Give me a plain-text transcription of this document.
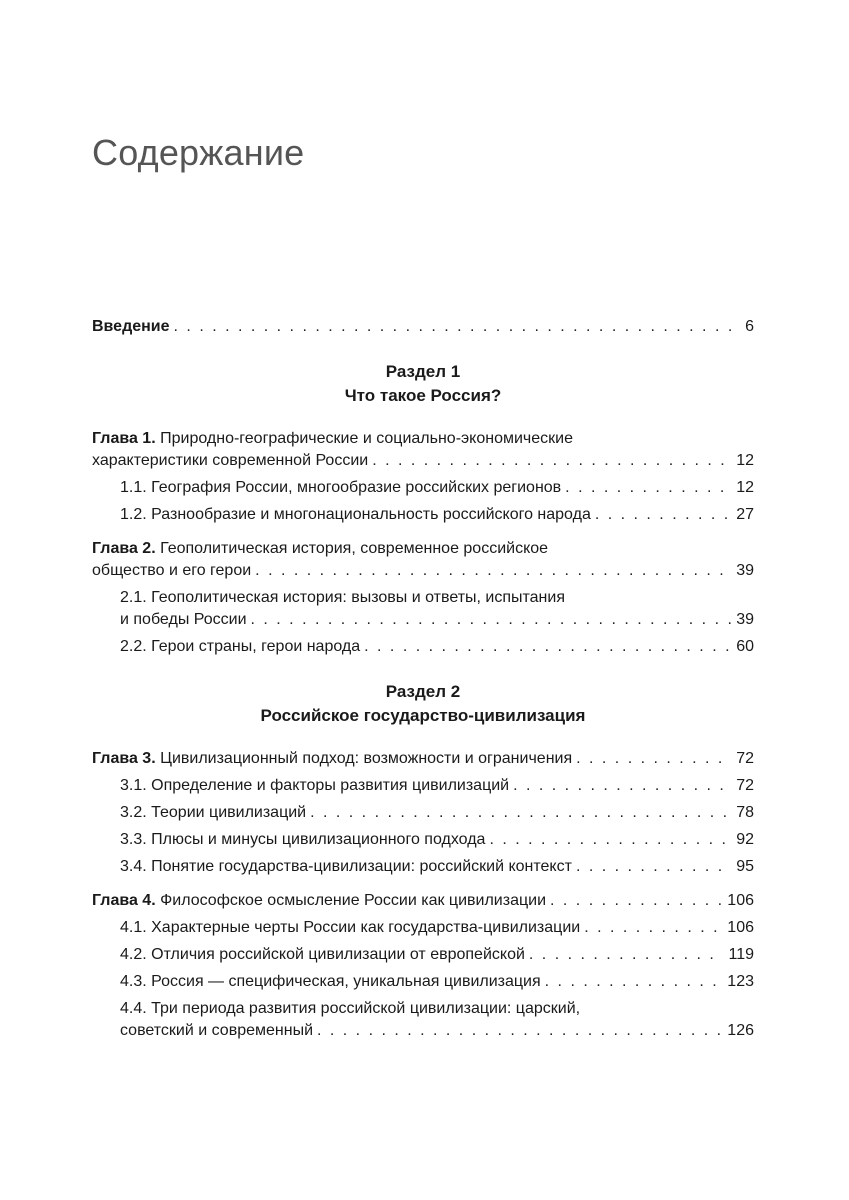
Содержание
Введение . . .	6
Раздел 1
Что такое Россия?
Глава 1. Природно-географические и социально-экономические
характеристики современной России . . .	12
1.1. География России, многообразие российских регионов . . .	12
1.2. Разнообразие и многонациональность российского народа . . .	27
Глава 2. Геополитическая история, современное российское
общество и его герои . . .	39
2.1. Геополитическая история: вызовы и ответы, испытания
и победы России . . .	39
2.2. Герои страны, герои народа . . .	60
Раздел 2
Российское государство-цивилизация
Глава 3. Цивилизационный подход: возможности и ограничения . . .	72
3.1. Определение и факторы развития цивилизаций . . .	72
3.2. Теории цивилизаций . . .	78
3.3. Плюсы и минусы цивилизационного подхода . . .	92
3.4. Понятие государства-цивилизации: российский контекст . . .	95
Глава 4. Философское осмысление России как цивилизации . . .	106
4.1. Характерные черты России как государства-цивилизации . . .	106
4.2. Отличия российской цивилизации от европейской . . .	119
4.3. Россия — специфическая, уникальная цивилизация . . .	123
4.4. Три периода развития российской цивилизации: царский,
советский и современный . . .	126
